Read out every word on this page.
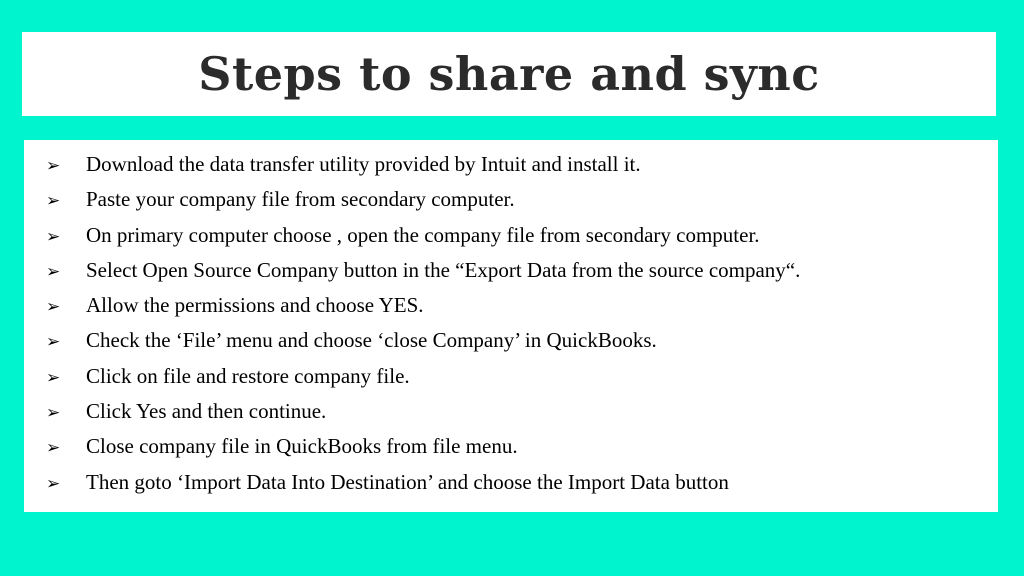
Steps to share and sync
➢	Download the data transfer utility provided by Intuit and install it.
➢	Paste your company file from secondary computer.
➢	On primary computer choose , open the company file from secondary computer.
➢	Select Open Source Company button in the “Export Data from the source company“.
➢	Allow the permissions and choose YES.
➢	Check the ‘File’ menu and choose ‘close Company’ in QuickBooks.
➢	Click on file and restore company file.
➢	Click Yes and then continue.
➢	Close company file in QuickBooks from file menu.
➢	Then goto ‘Import Data Into Destination’ and choose the Import Data button
